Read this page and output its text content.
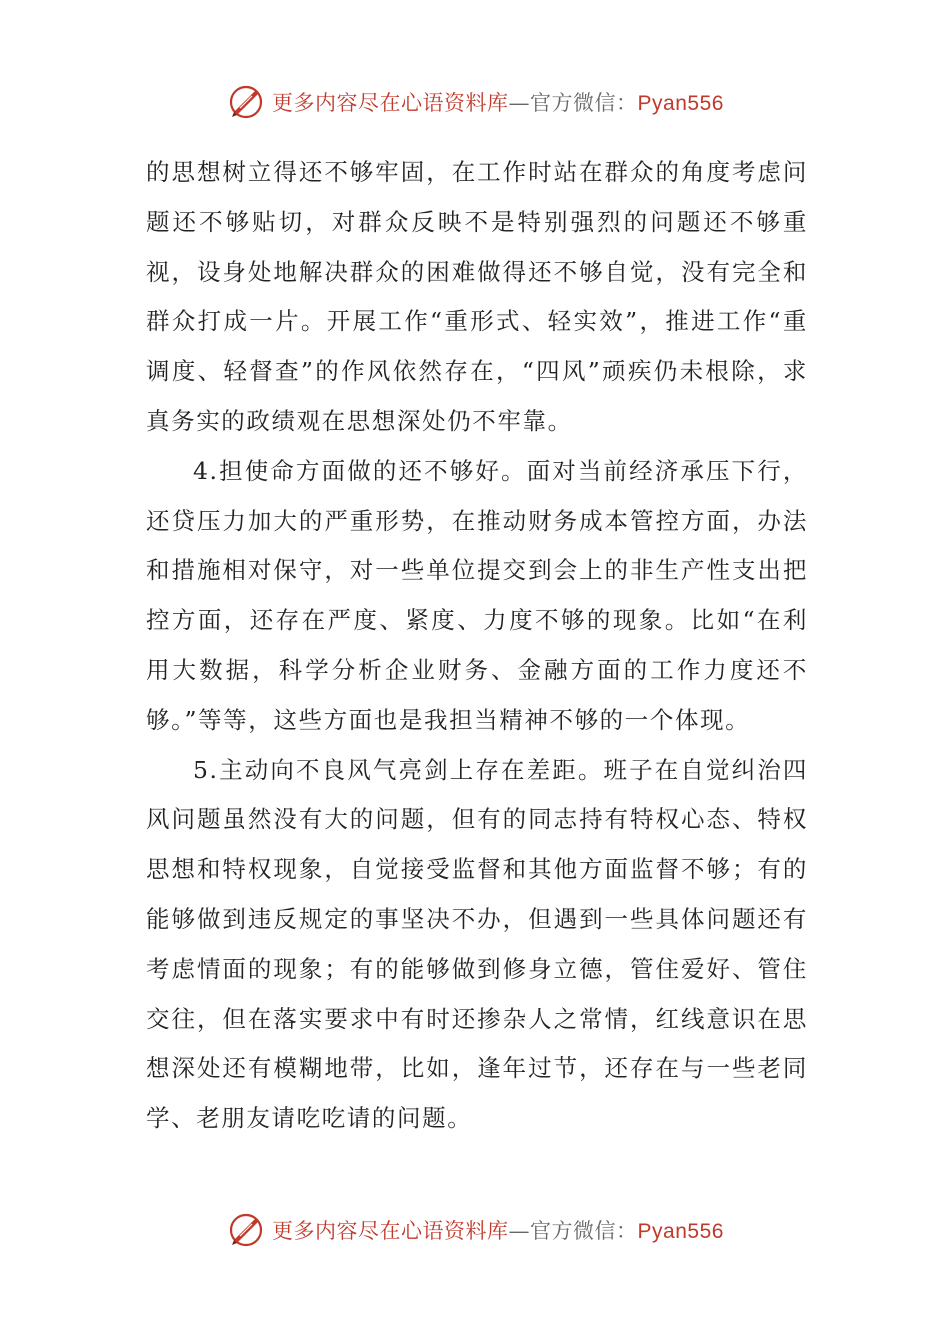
更多内容尽在心语资料库—官方微信：Pyan556

的思想树立得还不够牢固，在工作时站在群众的角度考虑问题还不够贴切，对群众反映不是特别强烈的问题还不够重视，设身处地解决群众的困难做得还不够自觉，没有完全和群众打成一片。开展工作“重形式、轻实效”，推进工作“重调度、轻督查”的作风依然存在，“四风”顽疾仍未根除，求真务实的政绩观在思想深处仍不牢靠。

4.担使命方面做的还不够好。面对当前经济承压下行，还贷压力加大的严重形势，在推动财务成本管控方面，办法和措施相对保守，对一些单位提交到会上的非生产性支出把控方面，还存在严度、紧度、力度不够的现象。比如“在利用大数据，科学分析企业财务、金融方面的工作力度还不够。”等等，这些方面也是我担当精神不够的一个体现。

5.主动向不良风气亮剑上存在差距。班子在自觉纠治四风问题虽然没有大的问题，但有的同志持有特权心态、特权思想和特权现象，自觉接受监督和其他方面监督不够；有的能够做到违反规定的事坚决不办，但遇到一些具体问题还有考虑情面的现象；有的能够做到修身立德，管住爱好、管住交往，但在落实要求中有时还掺杂人之常情，红线意识在思想深处还有模糊地带，比如，逢年过节，还存在与一些老同学、老朋友请吃吃请的问题。

更多内容尽在心语资料库—官方微信：Pyan556
